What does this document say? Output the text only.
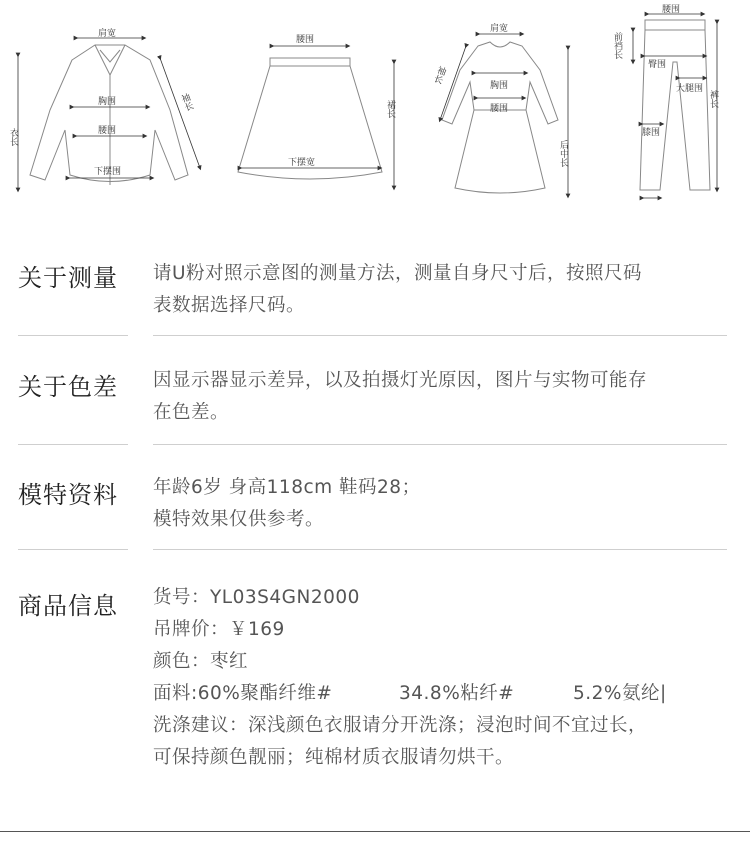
肩宽
胸围
腰围
下摆围
衣长
袖长
腰围
下摆宽
裙长
肩宽
胸围
腰围
袖长
后中长
腰围
前裆长
臀围
大腿围
膝围
裤长
关于测量 请U粉对照示意图的测量方法，测量自身尺寸后，按照尺码
表数据选择尺码。
关于色差 因显示器显示差异，以及拍摄灯光原因，图片与实物可能存
在色差。
模特资料 年龄6岁 身高118cm 鞋码28；
模特效果仅供参考。
商品信息 货号：YL03S4GN2000
吊牌价：￥169
颜色：枣红
面料:60%聚酯纤维#	34.8%粘纤#	5.2%氨纶|
洗涤建议：深浅颜色衣服请分开洗涤；浸泡时间不宜过长，
可保持颜色靓丽；纯棉材质衣服请勿烘干。
